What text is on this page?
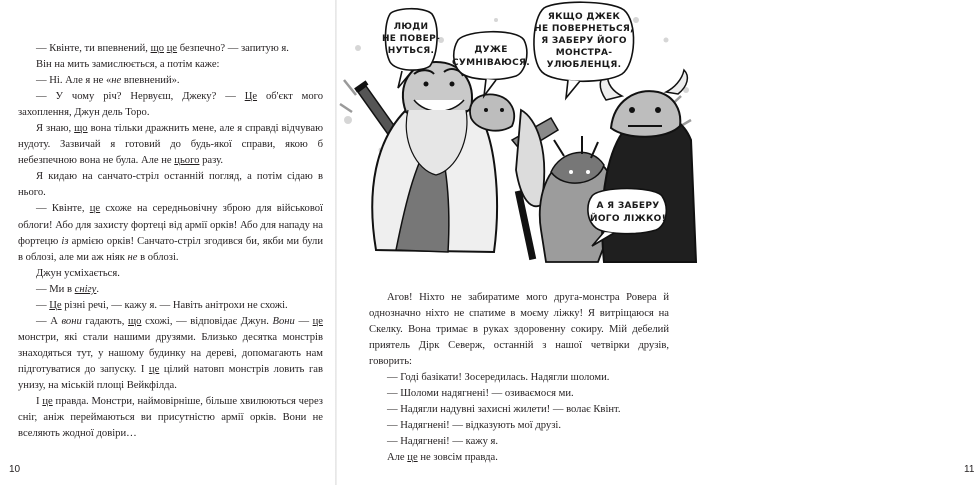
— Квінте, ти впевнений, що це безпечно? — запитую я.

Він на мить замислюється, а потім каже:

— Ні. Але я не «не впевнений».

— У чому річ? Нервуєш, Джеку? — Це об'єкт мого захоплення, Джун дель Торо.

Я знаю, що вона тільки дражнить мене, але я справді відчуваю нудоту. Зазвичай я готовий до будь-якої справи, якою б небезпечною вона не була. Але не цього разу.

Я кидаю на санчато-стріл останній погляд, а потім сідаю в нього.

— Квінте, це схоже на середньовічну зброю для військової облоги! Або для захисту фортеці від армії орків! Або для нападу на фортецю із армією орків! Санчато-стріл згодився би, якби ми були в облозі, але ми аж ніяк не в облозі.

Джун усміхається.

— Ми в снігу.

— Це різні речі, — кажу я. — Навіть анітрохи не схожі.

— А вони гадають, що схожі, — відповідає Джун. Вони — це монстри, які стали нашими друзями. Близько десятка монстрів знаходяться тут, у нашому будинку на дереві, допомагають нам підготуватися до запуску. І це цілий натовп монстрів ловить гав унизу, на міській площі Вейкфілда.

І це правда. Монстри, наймовірніше, більше хвилюються через сніг, аніж переймаються ви присутністю армії орків. Вони не вселяють жодної довіри…

10

Агов! Ніхто не забиратиме мого друга-монстра Ровера й однозначно ніхто не спатиме в моєму ліжку! Я витріщаюся на Скелку. Вона тримає в руках здоровенну сокиру. Мій дебелий приятель Дірк Северж, останній з нашої четвірки друзів, говорить:

— Годі базікати! Зосередилась. Надягли шоломи.

— Шоломи надягнені! — озиваємося ми.

— Надягли надувні захисні жилети! — волає Квінт.

— Надягнені! — відказують мої друзі.

— Надягнені! — кажу я.

Але це не зовсім правда.

11
ЛЮДИ НЕ ПОВЕР-НУТЬСЯ.	ДУЖЕ СУМНІВАЮСЯ.
ЯКЩО ДЖЕК НЕ ПОВЕРНЕТЬСЯ, Я ЗАБЕРУ ЙОГО МОНСТРА-УЛЮБЛЕНЦЯ.
А Я ЗАБЕРУ ЙОГО ЛІЖКО!
